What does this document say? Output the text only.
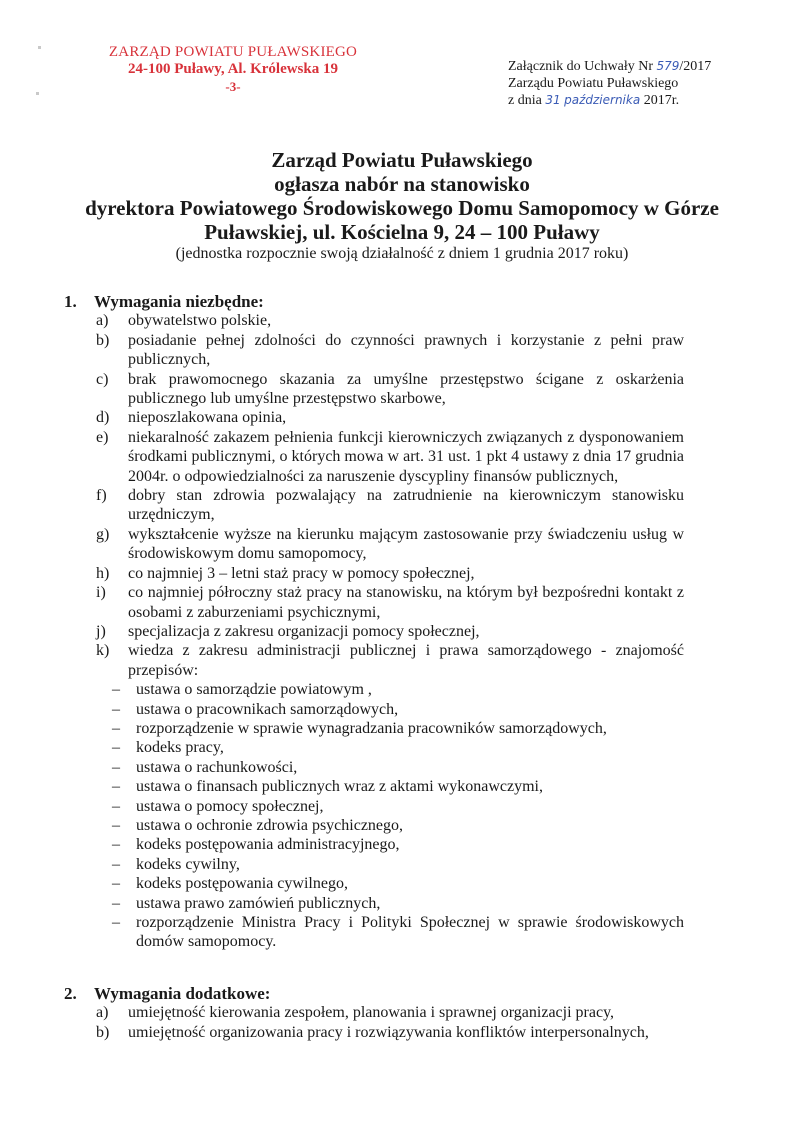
ZARZĄD POWIATU PUŁAWSKIEGO
24-100 Puławy, Al. Królewska 19
-3-
Załącznik do Uchwały Nr 579/2017
Zarządu Powiatu Puławskiego
z dnia 31 października 2017r.
Zarząd Powiatu Puławskiego
ogłasza nabór na stanowisko
dyrektora Powiatowego Środowiskowego Domu Samopomocy w Górze
Puławskiej, ul. Kościelna 9, 24 – 100 Puławy
(jednostka rozpocznie swoją działalność z dniem 1 grudnia 2017 roku)
1. Wymagania niezbędne:
a)	obywatelstwo polskie,
b)	posiadanie pełnej zdolności do czynności prawnych i korzystanie z pełni praw publicznych,
c)	brak prawomocnego skazania za umyślne przestępstwo ścigane z oskarżenia publicznego lub umyślne przestępstwo skarbowe,
d)	nieposzlakowana opinia,
e)	niekaralność zakazem pełnienia funkcji kierowniczych związanych z dysponowaniem środkami publicznymi, o których mowa w art. 31 ust. 1 pkt 4 ustawy z dnia 17 grudnia 2004r. o odpowiedzialności za naruszenie dyscypliny finansów publicznych,
f)	dobry stan zdrowia pozwalający na zatrudnienie na kierowniczym stanowisku urzędniczym,
g)	wykształcenie wyższe na kierunku mającym zastosowanie przy świadczeniu usług w środowiskowym domu samopomocy,
h)	co najmniej 3 – letni staż pracy w pomocy społecznej,
i)	co najmniej półroczny staż pracy na stanowisku, na którym był bezpośredni kontakt z osobami z zaburzeniami psychicznymi,
j)	specjalizacja z zakresu organizacji pomocy społecznej,
k)	wiedza z zakresu administracji publicznej i prawa samorządowego - znajomość przepisów:
–	ustawa o samorządzie powiatowym ,
–	ustawa o pracownikach samorządowych,
–	rozporządzenie w sprawie wynagradzania pracowników samorządowych,
–	kodeks pracy,
–	ustawa o rachunkowości,
–	ustawa o finansach publicznych wraz z aktami wykonawczymi,
–	ustawa o pomocy społecznej,
–	ustawa o ochronie zdrowia psychicznego,
–	kodeks postępowania administracyjnego,
–	kodeks cywilny,
–	kodeks postępowania cywilnego,
–	ustawa prawo zamówień publicznych,
–	rozporządzenie Ministra Pracy i Polityki Społecznej w sprawie środowiskowych domów samopomocy.
2. Wymagania dodatkowe:
a)	umiejętność kierowania zespołem, planowania i sprawnej organizacji pracy,
b)	umiejętność organizowania pracy i rozwiązywania konfliktów interpersonalnych,
